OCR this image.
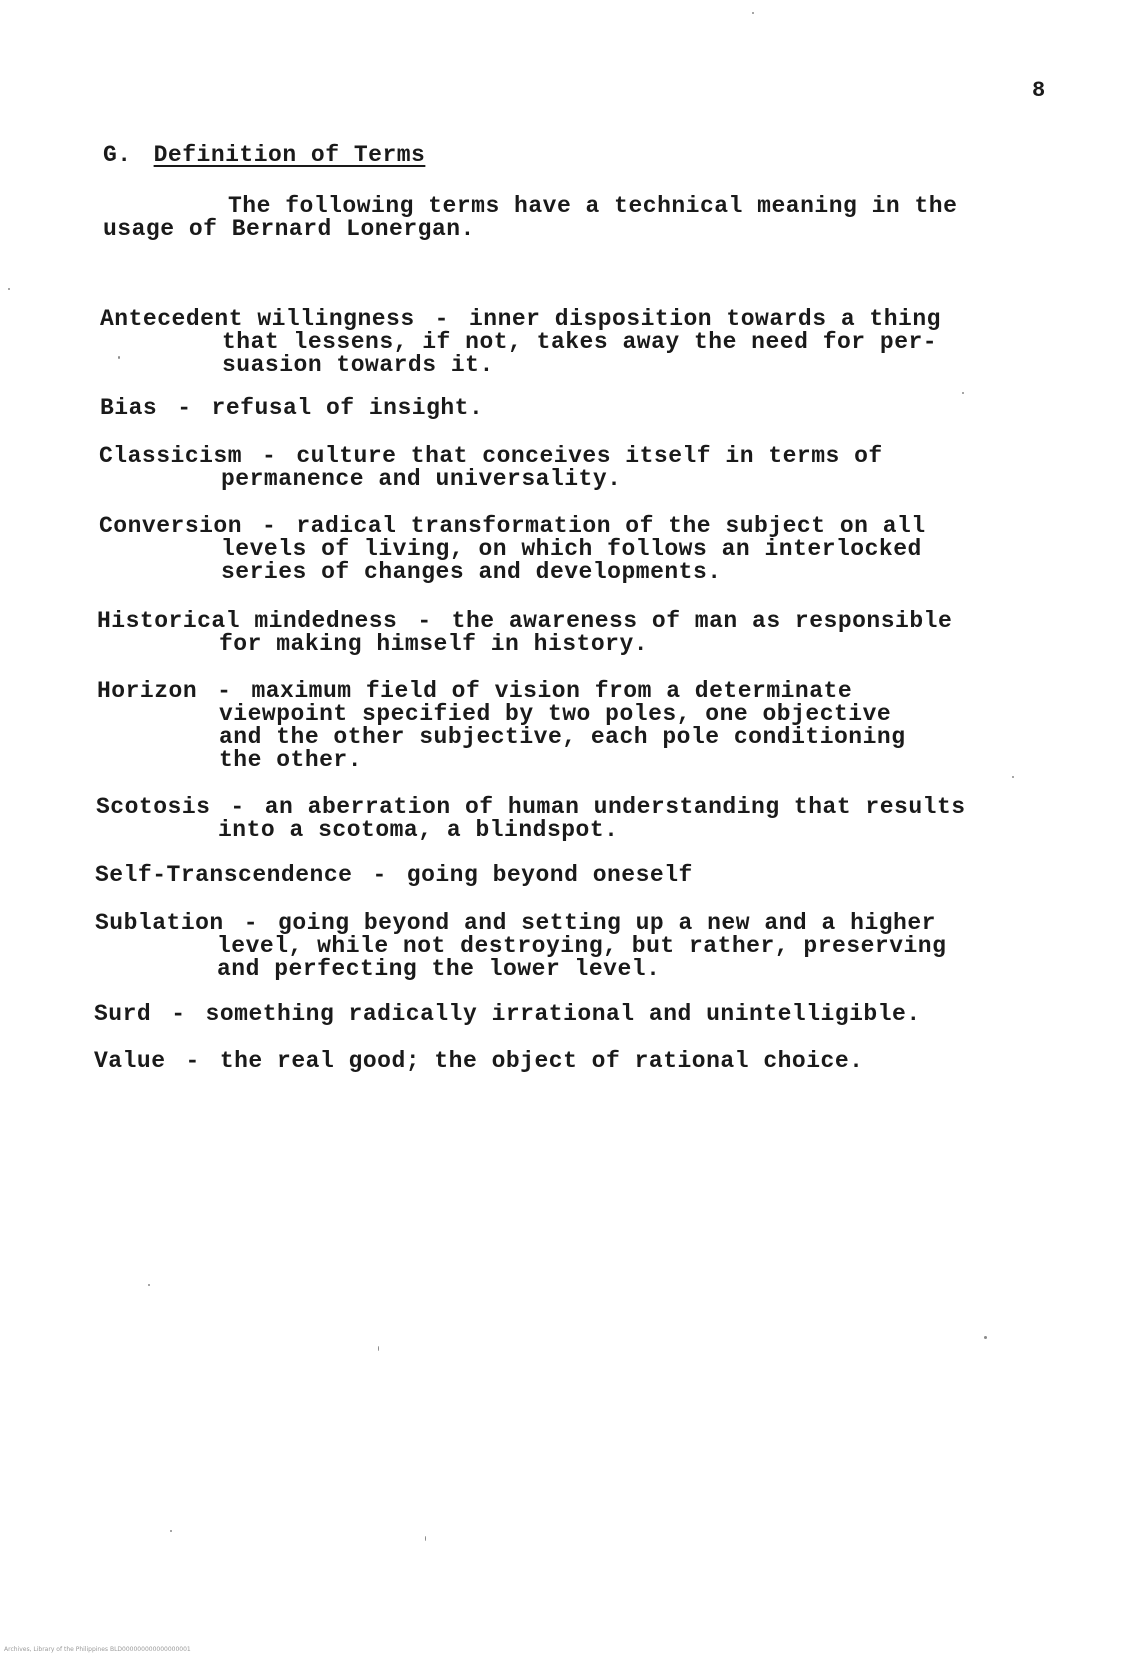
8
G. Definition of Terms
The following terms have a technical meaning in the
usage of Bernard Lonergan.
Antecedent willingness - inner disposition towards a thing
that lessens, if not, takes away the need for per-
suasion towards it.
Bias - refusal of insight.
Classicism - culture that conceives itself in terms of
permanence and universality.
Conversion - radical transformation of the subject on all
levels of living, on which follows an interlocked
series of changes and developments.
Historical mindedness - the awareness of man as responsible
for making himself in history.
Horizon - maximum field of vision from a determinate
viewpoint specified by two poles, one objective
and the other subjective, each pole conditioning
the other.
Scotosis - an aberration of human understanding that results
into a scotoma, a blindspot.
Self-Transcendence - going beyond oneself
Sublation - going beyond and setting up a new and a higher
level, while not destroying, but rather, preserving
and perfecting the lower level.
Surd - something radically irrational and unintelligible.
Value - the real good; the object of rational choice.
Archives, Library of the Philippines BLD000000000000000001
